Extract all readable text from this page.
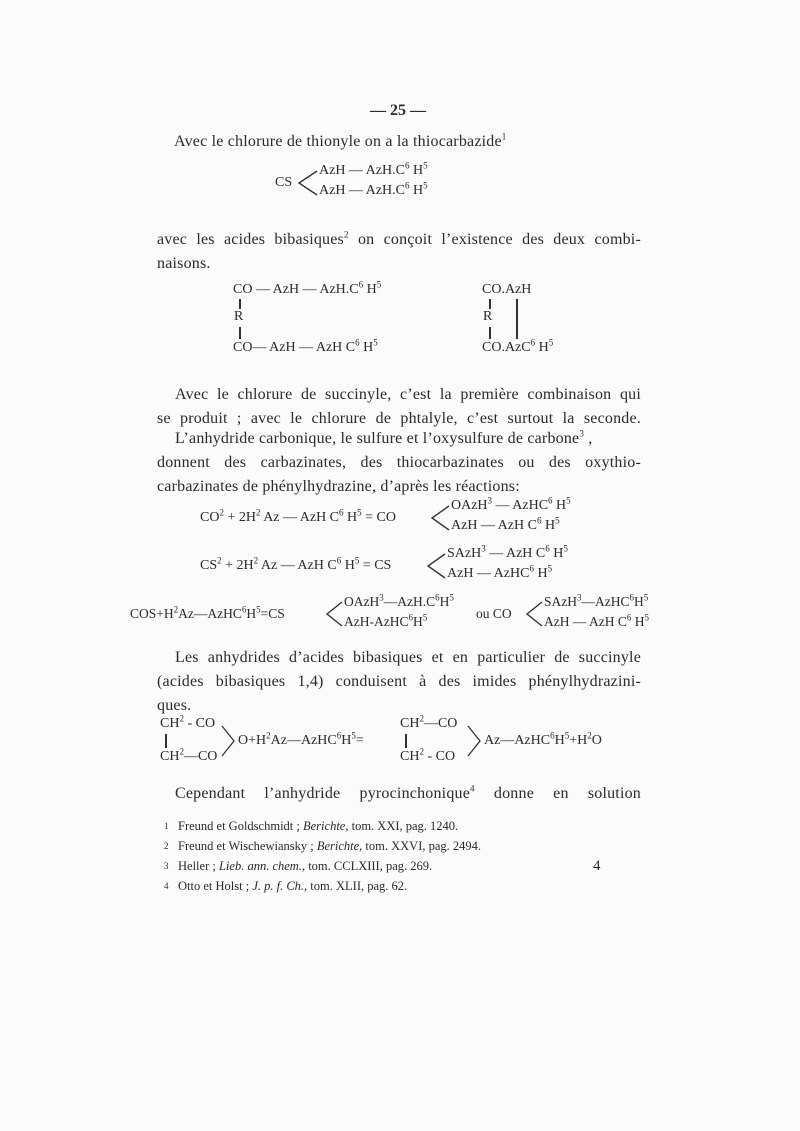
— 25 —
Avec le chlorure de thionyle on a la thiocarbazide$^1$
CS
AzH — $AzH.C^6$ $H^5$
AzH — $AzH.C^6$ $H^5$
avec les acides bibasiques$^2$ on conçoit l’existence des deux combi-
naisons.
CO — AzH — $AzH.C^6$ $H^5$
R
CO— AzH — AzH $C^6$ $H^5$
CO.AzH
R
CO.AzC$^6$ $H^5$
Avec le chlorure de succinyle, c’est la première combinaison qui
se produit ; avec le chlorure de phtalyle, c’est surtout la seconde.
L’anhydride carbonique, le sulfure et l’oxysulfure de carbone$^3$ ,
donnent des carbazinates, des thiocarbazinates ou des oxythio-
carbazinates de phénylhydrazine, d’après les réactions:
$CO^2 + 2H^2$ Az — AzH $C^6$ $H^5$ = CO
OAzH$^3$ — AzHC$^6$ $H^5$
AzH — AzH $C^6$ $H^5$
$CS^2 + 2H^2$ Az — AzH $C^6$ $H^5$ = CS
SAzH$^3$ — AzH $C^6$ $H^5$
AzH — AzHC$^6$ $H^5$
$COS+H^2Az—AzHC^6H^5=CS$
$OAzH^3—AzH.C^6H^5$
AzH-$AzHC^6H^5$	ou CO
$SAzH^3—AzHC^6H^5$
AzH — AzH $C^6$ $H^5$
Les anhydrides d’acides bibasiques et en particulier de succinyle
(acides bibasiques 1,4) conduisent à des imides phénylhydrazini-
ques.
$CH^2$ - CO
$CH^2—CO$
$O+H^2Az—AzHC^6H^5=$
$CH^2—CO$
$CH^2$ - CO
$Az—AzHC^6H^5+H^2O$
Cependant l’anhydride pyrocinchonique$^4$ donne en solution
1 Freund et Goldschmidt ; Berichte, tom. XXI, pag. 1240.
2 Freund et Wischewiansky ; Berichte, tom. XXVI, pag. 2494.
3 Heller ; Lieb. ann. chem., tom. CCLXIII, pag. 269.
4 Otto et Holst ; J. p. f. Ch., tom. XLII, pag. 62.
4
